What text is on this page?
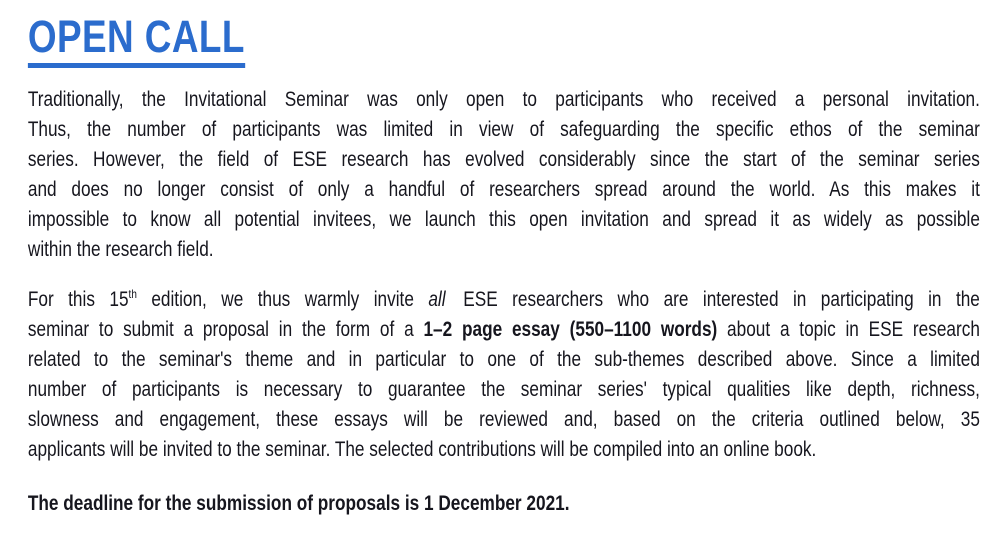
OPEN CALL
Traditionally, the Invitational Seminar was only open to participants who received a personal invitation.
Thus, the number of participants was limited in view of safeguarding the specific ethos of the seminar
series. However, the field of ESE research has evolved considerably since the start of the seminar series
and does no longer consist of only a handful of researchers spread around the world. As this makes it
impossible to know all potential invitees, we launch this open invitation and spread it as widely as possible
within the research field.
For this 15th edition, we thus warmly invite all ESE researchers who are interested in participating in the
seminar to submit a proposal in the form of a 1–2 page essay (550–1100 words) about a topic in ESE research
related to the seminar's theme and in particular to one of the sub-themes described above. Since a limited
number of participants is necessary to guarantee the seminar series' typical qualities like depth, richness,
slowness and engagement, these essays will be reviewed and, based on the criteria outlined below, 35
applicants will be invited to the seminar. The selected contributions will be compiled into an online book.
The deadline for the submission of proposals is 1 December 2021.
